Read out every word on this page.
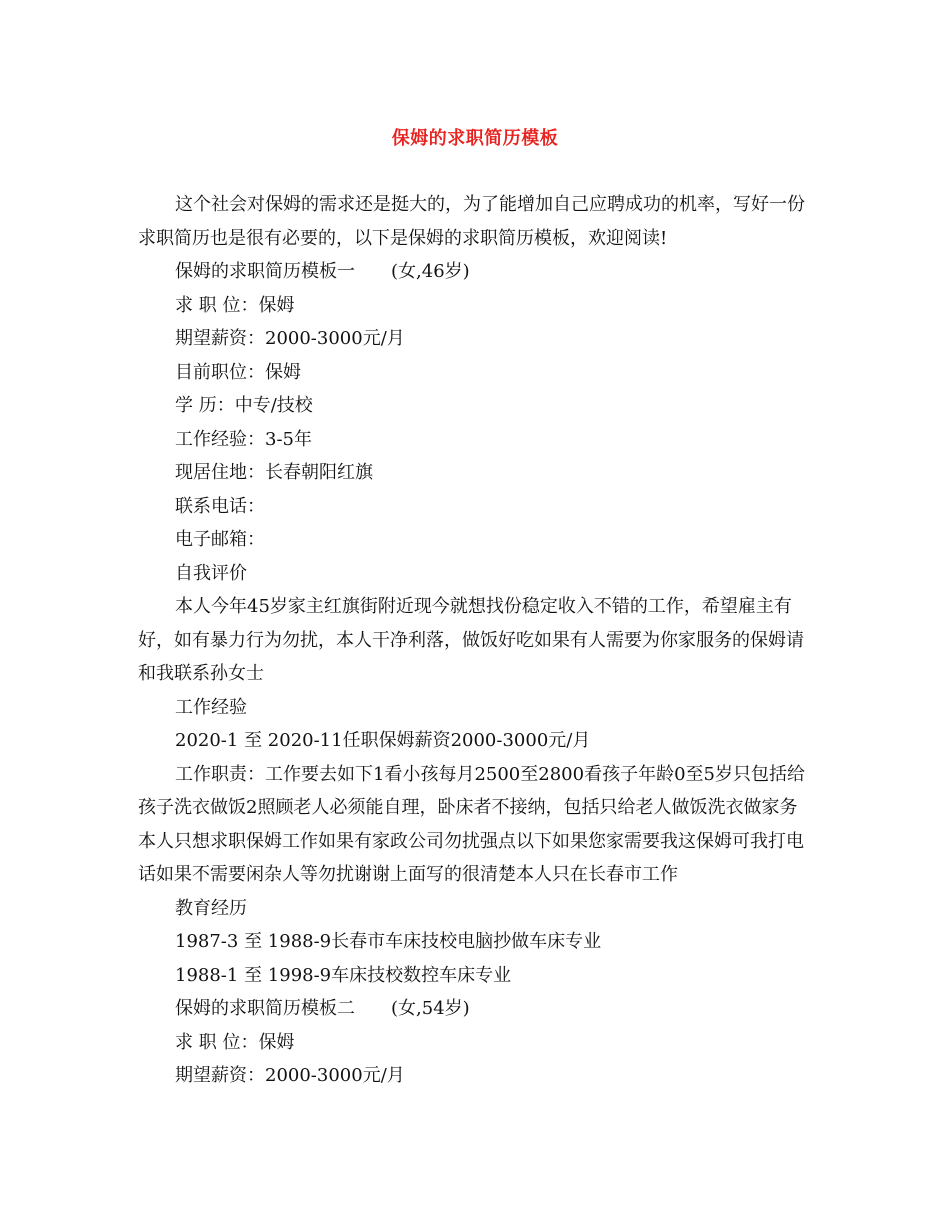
保姆的求职简历模板

这个社会对保姆的需求还是挺大的，为了能增加自己应聘成功的机率，写好一份求职简历也是很有必要的，以下是保姆的求职简历模板，欢迎阅读!

保姆的求职简历模板一　　(女,46岁)

求 职 位：保姆

期望薪资：2000-3000元/月

目前职位：保姆

学 历：中专/技校

工作经验：3-5年

现居住地：长春朝阳红旗

联系电话：

电子邮箱：

自我评价

本人今年45岁家主红旗街附近现今就想找份稳定收入不错的工作，希望雇主有好，如有暴力行为勿扰，本人干净利落，做饭好吃如果有人需要为你家服务的保姆请和我联系孙女士

工作经验

2020-1 至 2020-11任职保姆薪资2000-3000元/月

工作职责：工作要去如下1看小孩每月2500至2800看孩子年龄0至5岁只包括给孩子洗衣做饭2照顾老人必须能自理，卧床者不接纳，包括只给老人做饭洗衣做家务本人只想求职保姆工作如果有家政公司勿扰强点以下如果您家需要我这保姆可我打电话如果不需要闲杂人等勿扰谢谢上面写的很清楚本人只在长春市工作

教育经历

1987-3 至 1988-9长春市车床技校电脑抄做车床专业

1988-1 至 1998-9车床技校数控车床专业

保姆的求职简历模板二　　(女,54岁)

求 职 位：保姆

期望薪资：2000-3000元/月
